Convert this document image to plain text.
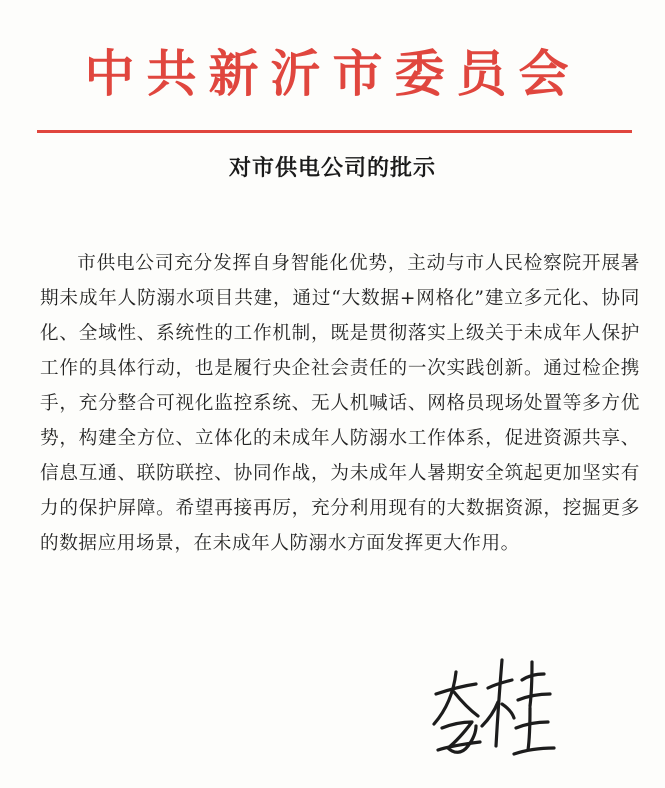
中共新沂市委员会
对市供电公司的批示

市供电公司充分发挥自身智能化优势，主动与市人民检察院开展暑期未成年人防溺水项目共建，通过“大数据+网格化”建立多元化、协同化、全域性、系统性的工作机制，既是贯彻落实上级关于未成年人保护工作的具体行动，也是履行央企社会责任的一次实践创新。通过检企携手，充分整合可视化监控系统、无人机喊话、网格员现场处置等多方优势，构建全方位、立体化的未成年人防溺水工作体系，促进资源共享、信息互通、联防联控、协同作战，为未成年人暑期安全筑起更加坚实有力的保护屏障。希望再接再厉，充分利用现有的大数据资源，挖掘更多的数据应用场景，在未成年人防溺水方面发挥更大作用。
